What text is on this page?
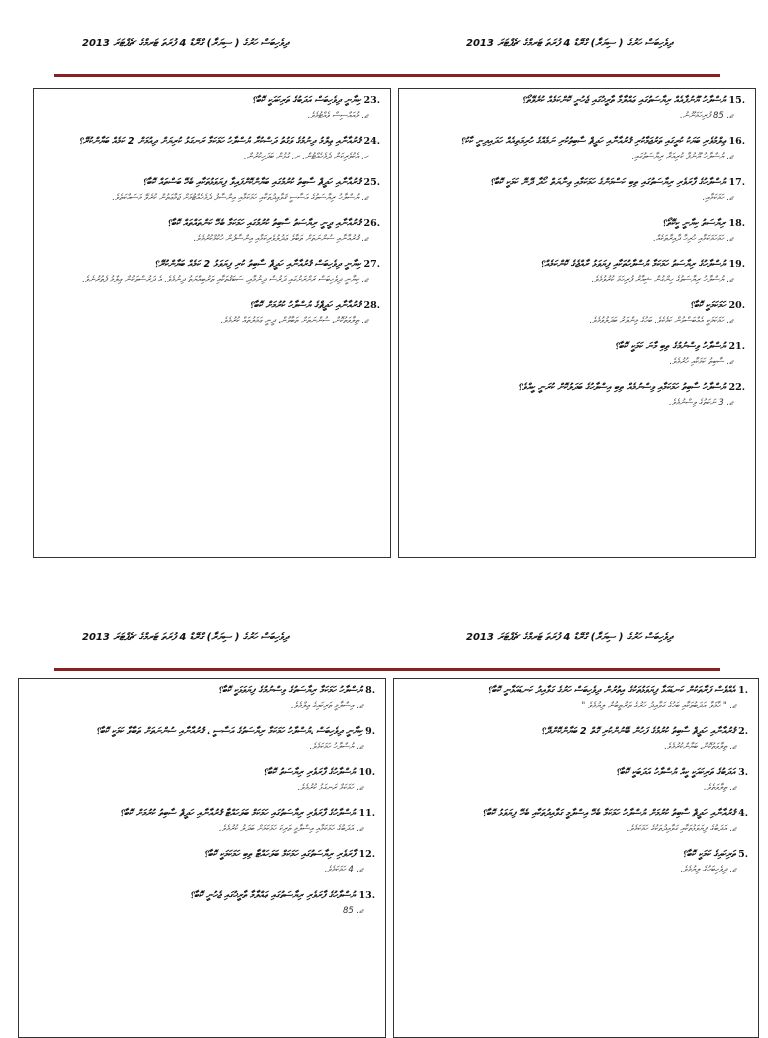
ދިވެހިބަސް ހަރުގެ ( ސިޔަރާ) ގްރޭޑް 4 ފުރަތަ ޓަރމްގެ ޗެޕްޓަރަ 2013	ދިވެހިބަސް ހަރުގެ ( ސިޔަރާ) ގްރޭޑް 4 ފުރަތަ ޓަރމްގެ ޗެޕްޓަރަ 2013
23.
ކިޔާނީ ދިވެހިބަސް އަދަބުގެ ތަރިކައަކީ ކޮބާ؟
ޖ. މުއައްސިސް ވެއްޓުމެވެ.
24.
ޤުރުއާނާއި ޢިލްމު ދިނުމުގެ ވަގުތު ދަސްކުރާ ޔުސްލާހު ހަމަކަމާ ރަނގަޅު ކުރިޔަށް ދިއުމަށް 2 ކަމެއް ބަޔާންކުރޭ؟
ހ. އެކުވެރިކަން ދެމެހެއްޓުން. ށ. ގުޅުން ބަދަހިކުރުން.
25.
ޤުރުއާނާއި ހަދީޘް ސާބިތު ކުރުމުގައި ބަޔާންކޮށްފައިވާ ފިޔަވަޅުތަކާއި ބެހޭ ބަސްތައް ކޮބާ؟
ޖ. ޔުސްލާހު ރިޔާސަތުގެ އަސާސީ ޤަވާޢިދުތަކާއި ހަމަކަމާއި އިންސާފު ދެމެހެއްޓުމަށް ޖަމާޢަތުން ކުރެވޭ މަސައްކަތެވެ.
26.
ޤުރުއާނާއި ދީނީ ރިޔާސަތު ސާބިތު ކުރުމުގައި ހަމަކަމާ ބެހޭ ކަންތައްތައް ކޮބާ؟
ޖ. ޤުރުއާނާއި ސުންނަތަށް ތަބާވެ ޢަދުލުވެރިކަމާއި އިންސާފުން ހުކުމްކުރުމެވެ.
27.
ކިޔާނީ ދިވެހިބަސް ޤުރުއާނާއި ހަދީޘް ސާބިތު ކުރި ފިޔަވަޅު 2 ކަމެއް ބަޔާންކުރޭ؟
ޖ. ކިޔާނީ ދިވެހިބަސް ރަށްރަށުގައި ދަރުސް ދިނުމާއި، ސަބަޤުތަކާއި ތަރުބިއްޔަތު ދިނުމެވެ. އެ ދަރުސްތަކުން ޢިލްމު ފެތުރުނެވެ.
28.
ޤުރުއާނާއި ހަދީޘްގެ ޔުސްލާހު ކުރުމަށް ކޮބާ؟
ޖ. ތިލާވަތުކޮށް، ސުންނަތަށް ތަބާވުން، ދީނީ ޢަމަލުތައް ކުރުމެވެ.
15.
ޔުސްލާހު ޔޫނުފާއެއް ރިޔާސަތުގައި ޢައްލާމާ ތާރީޚުގައި ޖެހުނީ ކޮންކަމެއް ކުރެވޭތޯ؟
ޖ. 85 ފުރިހަމަނޫނު.
16.
ޢިލްމުވެރި ބަޔަކު ކުރީގައި ތަރުޖަމާކުރި ޤުރުއާނާއި ހަދީޘް ސާބިތުކުރި ނަމެއްގެ ހުރިމަތިއެއް ހަދައިދިނީ ކާކު؟
ޖ. ޔުސްލާހު ޔޫނުފާ ކުރިއަރާ ރިޔާސަތުގައި.
17.
ޔުސްލާހުގެ ފާރަވެރި ރިޔާސަތުގައި ތިބި ކަސްމަންގެ ހަމަކަމާއި ޢިނާޔަތް ހޯދާ ދޭނޭ ކަމަކީ ކޮބާ؟
ޖ. ހަމަކަމާއި.
18.
ރިޔާސަތު ކިޔާނީ ކީކޭތޯ؟
ޖ. ހަމަހަމަކަމާއި ހުރިހާ ދާއިރާތަކެއް.
19.
ޔުސްލާހުގެ ރިޔާސަތު ހަމަކަމާ ޔުސްލާހުތަކާއި ފިޔަވަޅު ރާއްޖެގެ ކޮންކަމެއް؟
ޖ. ޔުސްލާހު ރިޔާސަތުގެ ހިންގުން ޝިއާރު ފުރިހަމަ ކުރުވުމެވެ.
20.
ހަމަކަމަކީ ކޮބާ؟
ޖ. ހަމަކަމަކީ އެއްބަސްވުން ކަމެކެވެ. ބަހުގެ މިންވަރު ބަދަލުވުމެވެ.
21.
ޔުސްލާހު ވިސްނުމުގެ ތިބި މާނަ ކަމަކީ ކޮބާ؟
ޖ. ސާބިތު ކަމަކާއި ހުރުމެވެ.
22.
ޔުސްލާހު ސާބިތު ހަމަކަމާއި ވިސްނުމެއް ތިބި އިސްލާހުގެ ބަދަލުކޮށް ކުރަނީ ކީއްވެ؟
ޖ. 3 ނަކަތުގެ ވިސްނުމެވެ.
ދިވެހިބަސް ހަރުގެ ( ސިޔަރާ) ގްރޭޑް 4 ފުރަތަ ޓަރމްގެ ޗެޕްޓަރަ 2013	ދިވެހިބަސް ހަރުގެ ( ސިޔަރާ) ގްރޭޑް 4 ފުރަތަ ޓަރމްގެ ޗެޕްޓަރަ 2013
8.
ޔުސްލާހު ހަމަކަމާ ރިޔާސަތުގެ ވިސްނުމުގެ ފިޔަވަޅަކީ ކޮބާ؟
ޖ. އިސްލާމީ ތަރިކައިގެ ޢިލްމެވެ.
9.
ކިޔާނީ ދިވެހިބަސް ،ޔުސްލާހު ހަމަކަމާ ރިޔާސަތުގެ އަސާސީ ، ޤުރުއާނާއި ސުންނަތަށް ތަބާވާ ކަމަކީ ކޮބާ؟
ޖ. ޔުސްލާހު ހަމަކަމެވެ.
10.
ޔުސްލާހުގެ ފާރަވެރި ރިޔާސަތު ކޮބާ؟
ޖ. ހަމަކަމް ރަނގަޅު ކުރުމެވެ.
11.
ޔުސްލާހުގެ ފާރަވެރި ރިޔާސަތުގައި ހަމަކަމް ބަލަހައްޓާ ޤުރުއާނާއި ހަދީޘް ސާބިތު ކުރުމަށް ކޮބާ؟
ޖ. އަދަބުގެ ހަމަކަމާއި އިސްލާމީ ތަރިކަ ހަމަކަމަށް ބަދަލު ކުރުމެވެ.
12.
ފާރަވެރި ރިޔާސަތުގައި ހަމަކަމް ބަލަހައްޓާ ތިބި ހަމަކަމަކީ ކޮބާ؟
ޖ. 4 ހަމަކަމެވެ.
13.
ޔުސްލާހުގެ ފާރަވެރި ރިޔާސަތުގައި ޢައްލާމާ ތާރީޚުގައި ޖެހުނީ ކޮބާ؟
ޖ. 85
1.
އެއްވެސް ފަރާތަކުން ކަނޑައަޅާ ފިޔަވަޅުތަކުގެ އިތުރުން ދިވެހިބަސް ހަރުގެ ގަވާއިދު ކަނޑައަޅާނީ ކޮބާ؟
ޖ. " ހާމަވާ އަދަބުތަކާއި ބަހުގެ ގަވާއިދު ހަރުގެ ތަރުތީބުން ލިޔުމެވެ "
2.
ޤުރުއާނާއި ހަދީޘް ސާބިތު ކުރުމުގެ ފަހުން ބޭނުންކުރި ގޮތް 2 ބަޔާންކޮށްދޭ؟
ޖ. ތިލާވަތުކޮށް، ބަޔާންކުރުމެވެ.
3.
އަދަބުގެ ތަރިކައަކީ ކީއް ޔުސްލާހު އަދަބަކީ ކޮބާ؟
ޖ. ތިލާވަތެވެ.
4.
ޤުރުއާނާއި ހަދީޘް ސާބިތު ކުރުމަށް ޔުސްލާހު ހަމަކަމާ ބެހޭ އިސްލާމީ ގަވާއިދުތަކާއި ބެހޭ ފިޔަވަޅު ކޮބާ؟
ޖ. އަދަބުގެ ފިޔަވަޅުތަކާއި ގަވާއިދުތަކުގެ ހަމަކަމެވެ.
5.
ތަރިކައިގެ ކަމަކީ ކޮބާ؟
ޖ. ދިވެހިބަހުގެ ލިޔުމެވެ.
